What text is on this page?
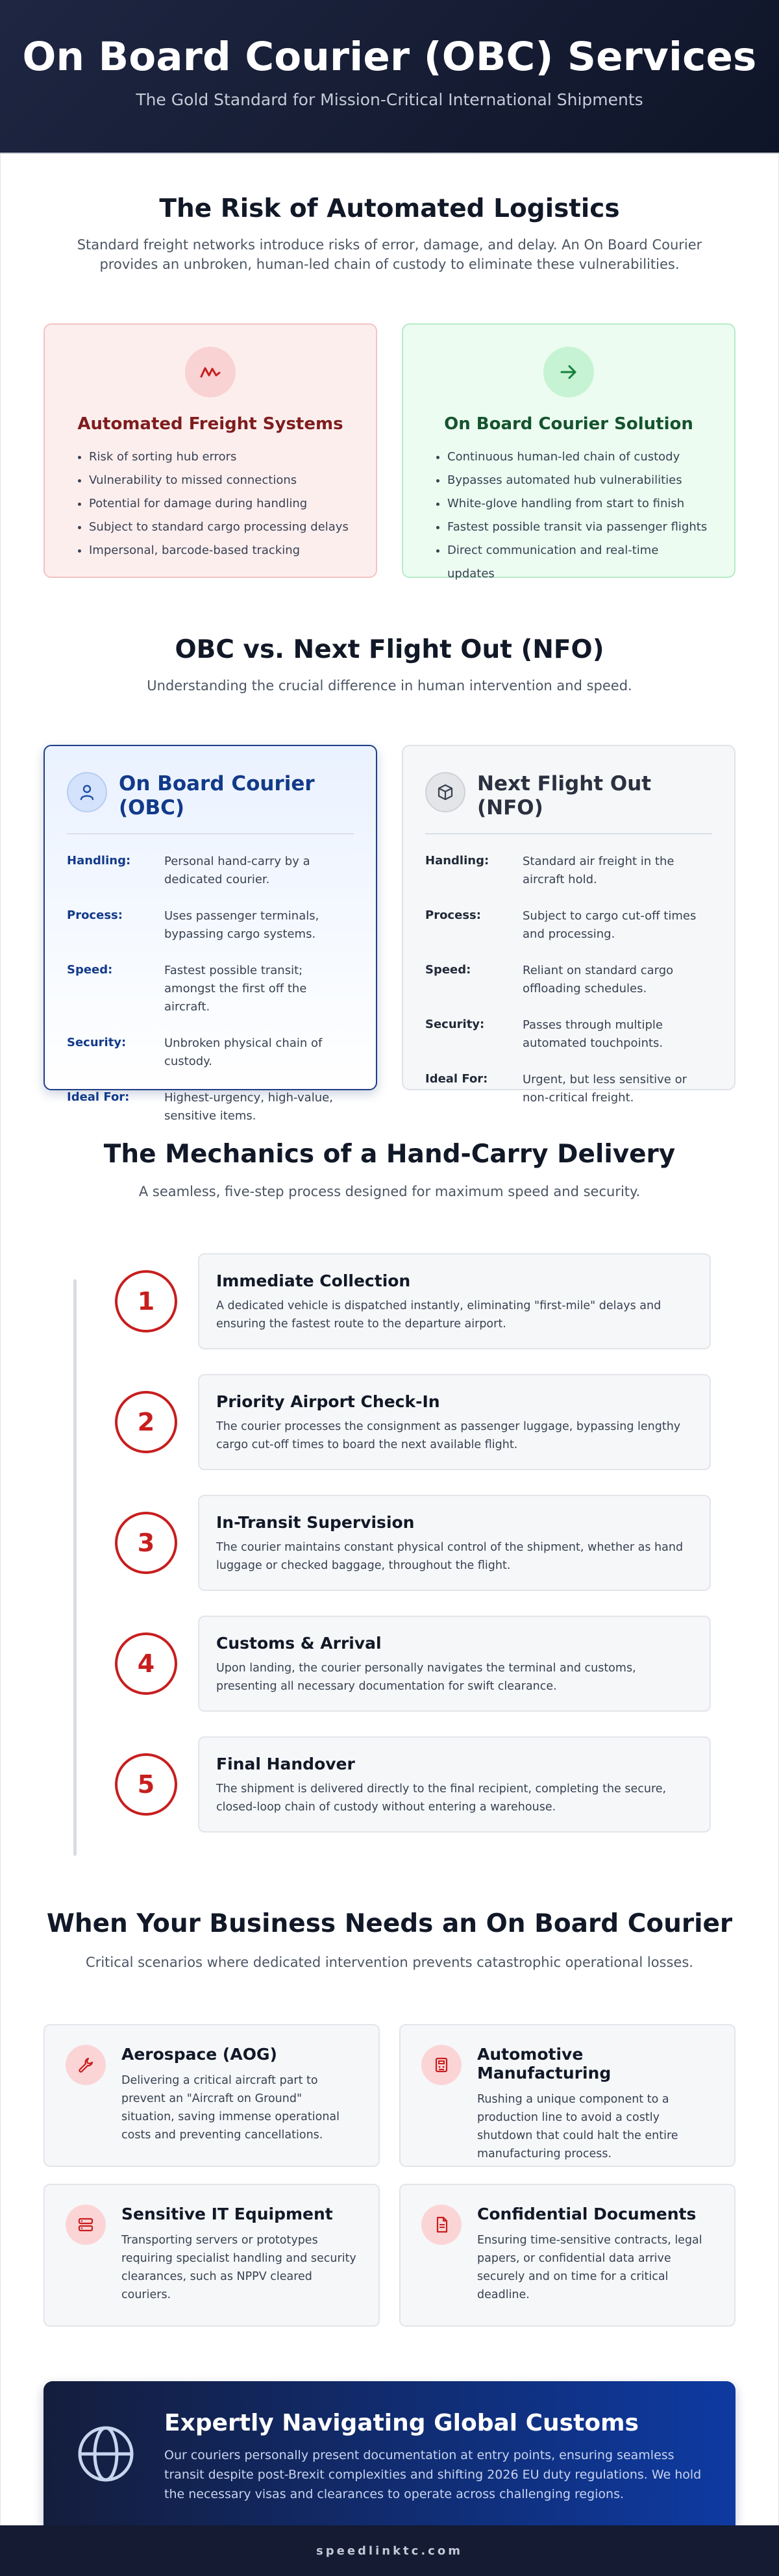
On Board Courier (OBC) Services

The Gold Standard for Mission-Critical International Shipments

The Risk of Automated Logistics

Standard freight networks introduce risks of error, damage, and delay. An On Board Courier provides an unbroken, human-led chain of custody to eliminate these vulnerabilities.

Automated Freight Systems
• Risk of sorting hub errors
• Vulnerability to missed connections
• Potential for damage during handling
• Subject to standard cargo processing delays
• Impersonal, barcode-based tracking
On Board Courier Solution
• Continuous human-led chain of custody
• Bypasses automated hub vulnerabilities
• White-glove handling from start to finish
• Fastest possible transit via passenger flights
• Direct communication and real-time updates
OBC vs. Next Flight Out (NFO)

Understanding the crucial difference in human intervention and speed.

On Board Courier (OBC)
Handling:	Personal hand-carry by a dedicated courier.
Process:	Uses passenger terminals, bypassing cargo systems.
Speed:	Fastest possible transit; amongst the first off the aircraft.
Security:	Unbroken physical chain of custody.
Ideal For:	Highest-urgency, high-value, sensitive items.
Next Flight Out (NFO)
Handling:	Standard air freight in the aircraft hold.
Process:	Subject to cargo cut-off times and processing.
Speed:	Reliant on standard cargo offloading schedules.
Security:	Passes through multiple automated touchpoints.
Ideal For:	Urgent, but less sensitive or non-critical freight.
The Mechanics of a Hand-Carry Delivery

A seamless, five-step process designed for maximum speed and security.

1
Immediate Collection

A dedicated vehicle is dispatched instantly, eliminating "first-mile" delays and ensuring the fastest route to the departure airport.

2
Priority Airport Check-In

The courier processes the consignment as passenger luggage, bypassing lengthy cargo cut-off times to board the next available flight.

3
In-Transit Supervision

The courier maintains constant physical control of the shipment, whether as hand luggage or checked baggage, throughout the flight.

4
Customs & Arrival

Upon landing, the courier personally navigates the terminal and customs, presenting all necessary documentation for swift clearance.

5
Final Handover

The shipment is delivered directly to the final recipient, completing the secure, closed-loop chain of custody without entering a warehouse.

When Your Business Needs an On Board Courier

Critical scenarios where dedicated intervention prevents catastrophic operational losses.

Aerospace (AOG)

Delivering a critical aircraft part to prevent an "Aircraft on Ground" situation, saving immense operational costs and preventing cancellations.

Automotive Manufacturing

Rushing a unique component to a production line to avoid a costly shutdown that could halt the entire manufacturing process.

Sensitive IT Equipment

Transporting servers or prototypes requiring specialist handling and security clearances, such as NPPV cleared couriers.

Confidential Documents

Ensuring time-sensitive contracts, legal papers, or confidential data arrive securely and on time for a critical deadline.

Expertly Navigating Global Customs

Our couriers personally present documentation at entry points, ensuring seamless transit despite post-Brexit complexities and shifting 2026 EU duty regulations. We hold the necessary visas and clearances to operate across challenging regions.

speedlinktc.com
